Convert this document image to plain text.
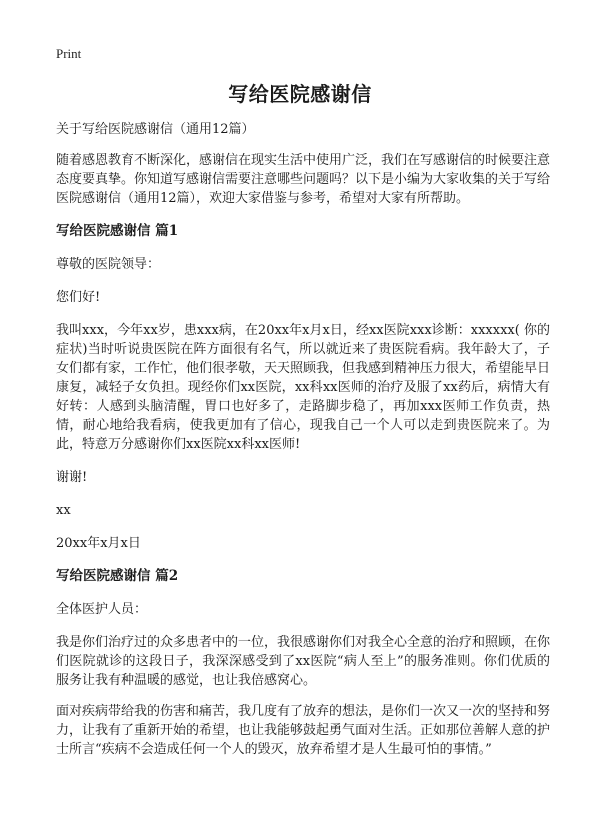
Print
写给医院感谢信

关于写给医院感谢信（通用12篇）

随着感恩教育不断深化，感谢信在现实生活中使用广泛，我们在写感谢信的时候要注意态度要真挚。你知道写感谢信需要注意哪些问题吗？以下是小编为大家收集的关于写给医院感谢信（通用12篇），欢迎大家借鉴与参考，希望对大家有所帮助。

写给医院感谢信 篇1

尊敬的医院领导：

您们好!

我叫xxx，今年xx岁，患xxx病，在20xx年x月x日，经xx医院xxx诊断：xxxxxx( 你的症状)当时听说贵医院在阵方面很有名气，所以就近来了贵医院看病。我年龄大了，子女们都有家，工作忙，他们很孝敬，天天照顾我，但我感到精神压力很大，希望能早日康复，减轻子女负担。现经你们xx医院，xx科xx医师的治疗及服了xx药后，病情大有好转：人感到头脑清醒，胃口也好多了，走路脚步稳了，再加xxx医师工作负责，热情，耐心地给我看病，使我更加有了信心，现我自己一个人可以走到贵医院来了。为此，特意万分感谢你们xx医院xx科xx医师!

谢谢!

xx

20xx年x月x日

写给医院感谢信 篇2

全体医护人员：

我是你们治疗过的众多患者中的一位，我很感谢你们对我全心全意的治疗和照顾，在你们医院就诊的这段日子，我深深感受到了xx医院“病人至上”的服务准则。你们优质的服务让我有种温暖的感觉，也让我倍感窝心。

面对疾病带给我的伤害和痛苦，我几度有了放弃的想法，是你们一次又一次的坚持和努力，让我有了重新开始的希望，也让我能够鼓起勇气面对生活。正如那位善解人意的护士所言“疾病不会造成任何一个人的毁灭，放弃希望才是人生最可怕的事情。”
